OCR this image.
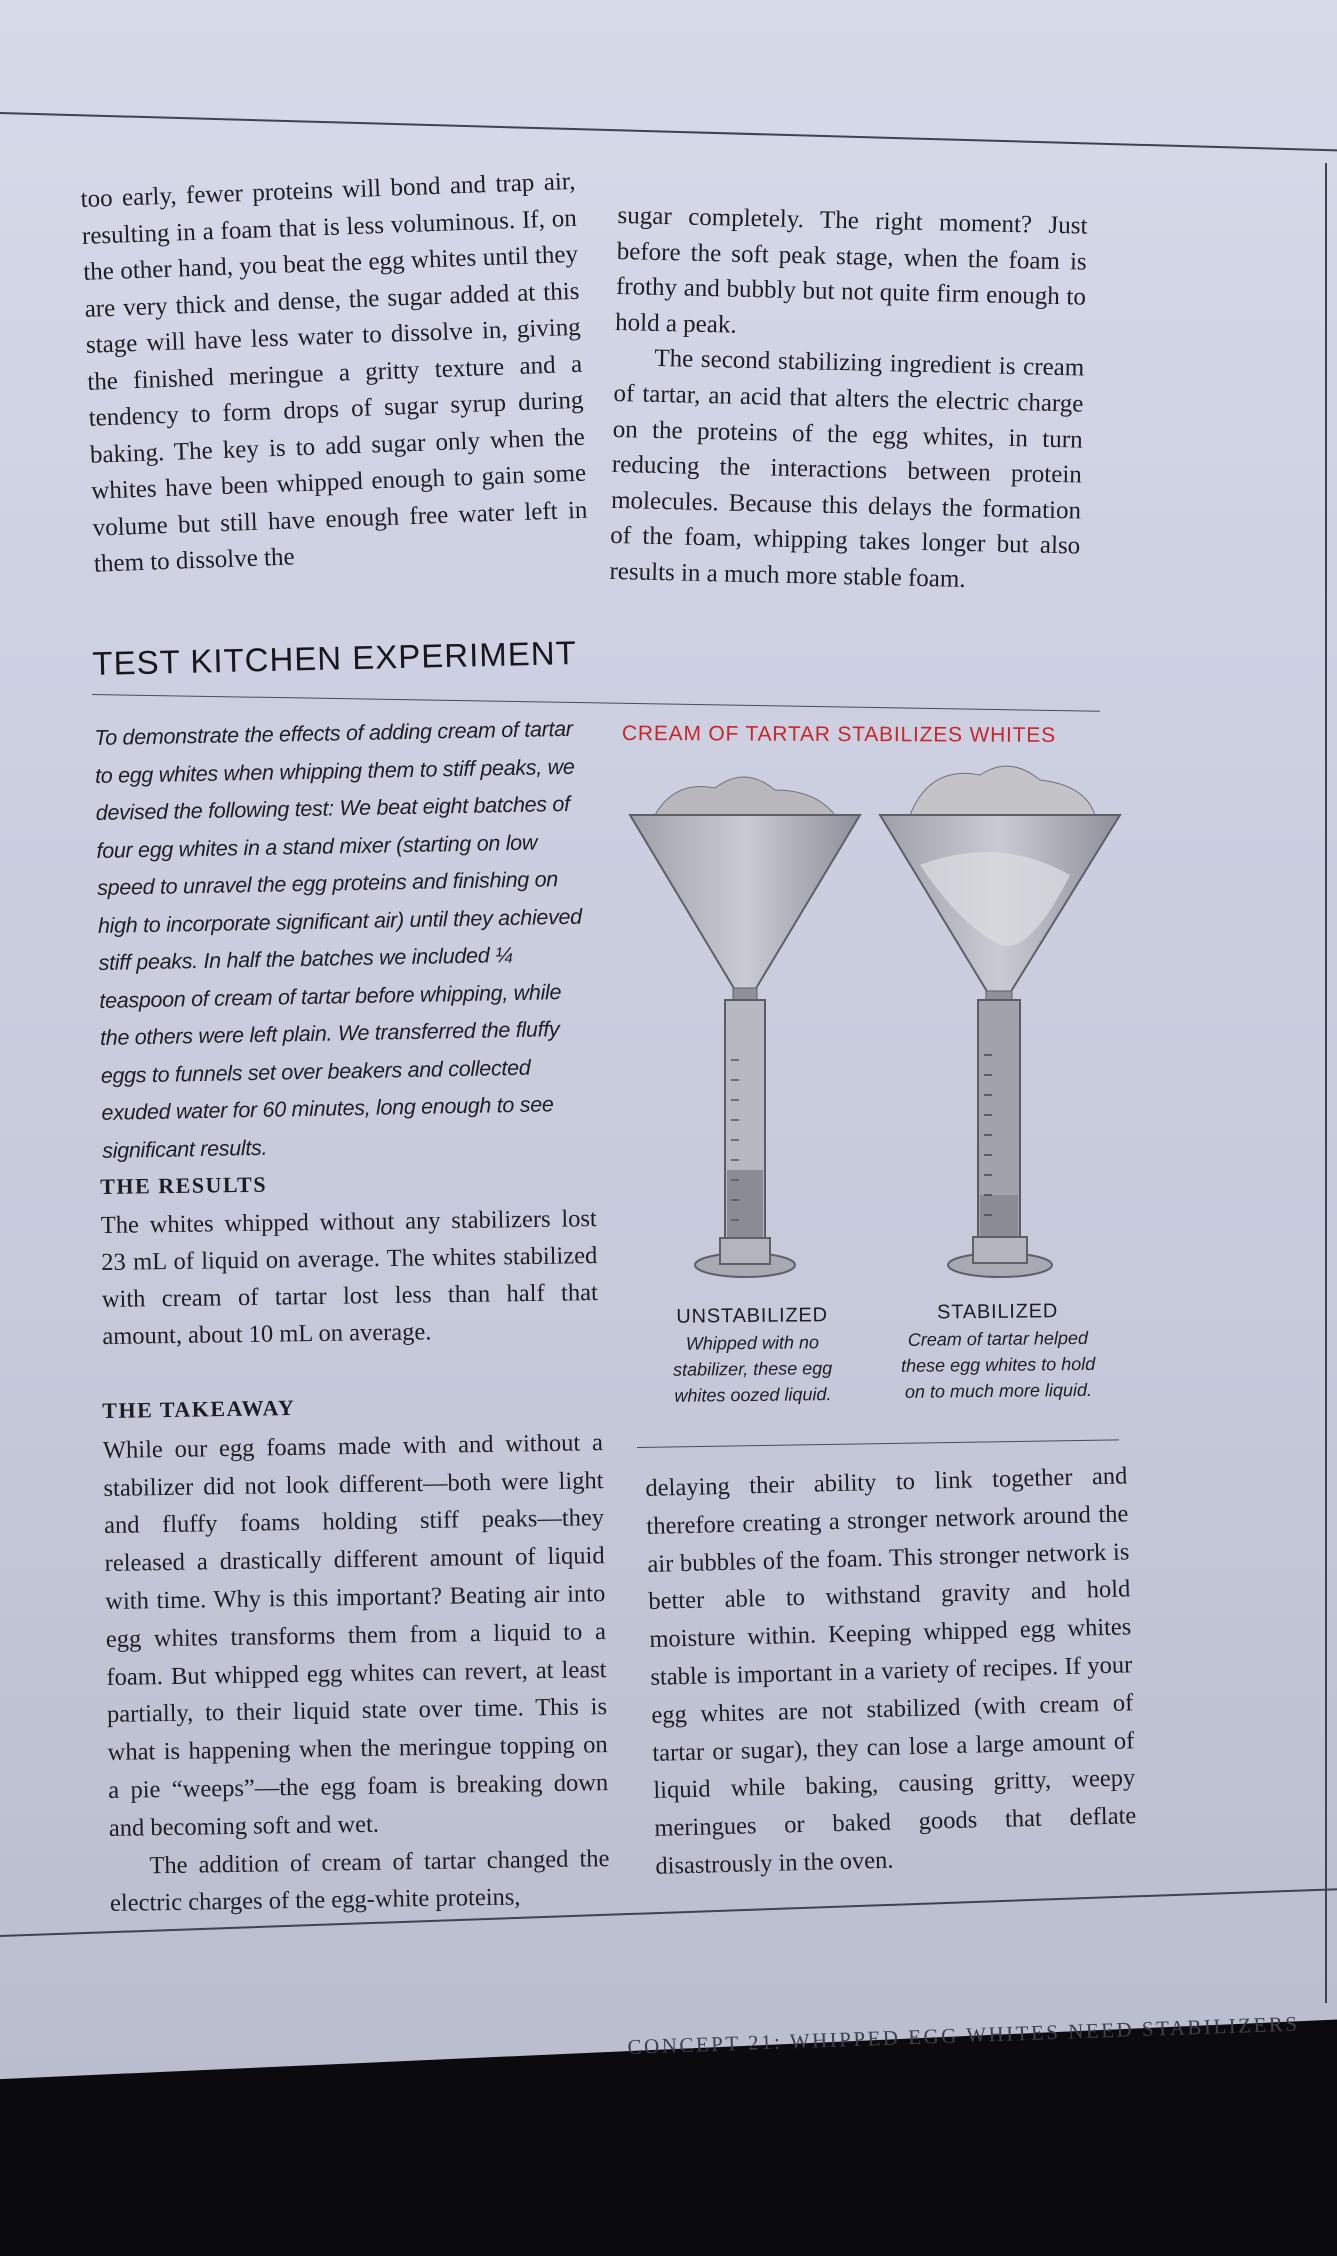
too early, fewer proteins will bond and trap air, resulting in a foam that is less voluminous. If, on the other hand, you beat the egg whites until they are very thick and dense, the sugar added at this stage will have less water to dissolve in, giving the finished meringue a gritty texture and a tendency to form drops of sugar syrup during baking. The key is to add sugar only when the whites have been whipped enough to gain some volume but still have enough free water left in them to dissolve the

sugar completely. The right moment? Just before the soft peak stage, when the foam is frothy and bubbly but not quite firm enough to hold a peak.

The second stabilizing ingredient is cream of tartar, an acid that alters the electric charge on the proteins of the egg whites, in turn reducing the interactions between protein molecules. Because this delays the formation of the foam, whipping takes longer but also results in a much more stable foam.

TEST KITCHEN EXPERIMENT

To demonstrate the effects of adding cream of tartar to egg whites when whipping them to stiff peaks, we devised the following test: We beat eight batches of four egg whites in a stand mixer (starting on low speed to unravel the egg proteins and finishing on high to incorporate significant air) until they achieved stiff peaks. In half the batches we included ¼ teaspoon of cream of tartar before whipping, while the others were left plain. We transferred the fluffy eggs to funnels set over beakers and collected exuded water for 60 minutes, long enough to see significant results.

THE RESULTS

The whites whipped without any stabilizers lost 23 mL of liquid on average. The whites stabilized with cream of tartar lost less than half that amount, about 10 mL on average.

THE TAKEAWAY

While our egg foams made with and without a stabilizer did not look different—both were light and fluffy foams holding stiff peaks—they released a drastically different amount of liquid with time. Why is this important? Beating air into egg whites transforms them from a liquid to a foam. But whipped egg whites can revert, at least partially, to their liquid state over time. This is what is happening when the meringue topping on a pie “weeps”—the egg foam is breaking down and becoming soft and wet.

The addition of cream of tartar changed the electric charges of the egg-white proteins,

delaying their ability to link together and therefore creating a stronger network around the air bubbles of the foam. This stronger network is better able to withstand gravity and hold moisture within. Keeping whipped egg whites stable is important in a variety of recipes. If your egg whites are not stabilized (with cream of tartar or sugar), they can lose a large amount of liquid while baking, causing gritty, weepy meringues or baked goods that deflate disastrously in the oven.

CREAM OF TARTAR STABILIZES WHITES
UNSTABILIZED
Whipped with no stabilizer, these egg whites oozed liquid.
STABILIZED
Cream of tartar helped these egg whites to hold on to much more liquid.
CONCEPT 21: WHIPPED EGG WHITES NEED STABILIZERS
